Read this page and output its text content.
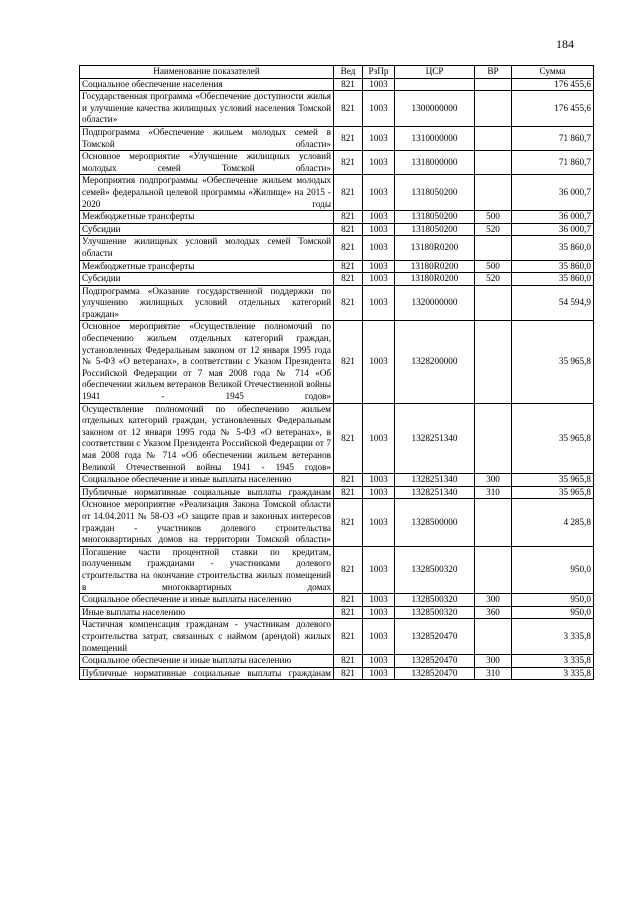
184
Наименование показателей	Вед	РзПр	ЦСР	ВР	Сумма
Социальное обеспечение населения	821	1003			176 455,6
Государственная программа «Обеспечение доступности жилья и улучшение качества жилищных условий населения Томской области»	821	1003	1300000000		176 455,6
Подпрограмма «Обеспечение жильем молодых семей в Томской области»	821	1003	1310000000		71 860,7
Основное мероприятие «Улучшение жилищных условий молодых семей Томской области»	821	1003	1318000000		71 860,7
Мероприятия подпрограммы «Обеспечение жильем молодых семей» федеральной целевой программы «Жилище» на 2015 - 2020 годы	821	1003	1318050200		36 000,7
Межбюджетные трансферты	821	1003	1318050200	500	36 000,7
Субсидии	821	1003	1318050200	520	36 000,7
Улучшение жилищных условий молодых семей Томской области	821	1003	13180R0200		35 860,0
Межбюджетные трансферты	821	1003	13180R0200	500	35 860,0
Субсидии	821	1003	13180R0200	520	35 860,0
Подпрограмма «Оказание государственной поддержки по улучшению жилищных условий отдельных категорий граждан»	821	1003	1320000000		54 594,9
Основное мероприятие «Осуществление полномочий по обеспечению жильем отдельных категорий граждан, установленных Федеральным законом от 12 января 1995 года № 5-ФЗ «О ветеранах», в соответствии с Указом Президента Российской Федерации от 7 мая 2008 года № 714 «Об обеспечении жильем ветеранов Великой Отечественной войны 1941 - 1945 годов»	821	1003	1328200000		35 965,8
Осуществление полномочий по обеспечению жильем отдельных категорий граждан, установленных Федеральным законом от 12 января 1995 года № 5-ФЗ «О ветеранах», в соответствии с Указом Президента Российской Федерации от 7 мая 2008 года № 714 «Об обеспечении жильем ветеранов Великой Отечественной войны 1941 - 1945 годов»	821	1003	1328251340		35 965,8
Социальное обеспечение и иные выплаты населению	821	1003	1328251340	300	35 965,8
Публичные нормативные социальные выплаты гражданам	821	1003	1328251340	310	35 965,8
Основное мероприятие «Реализация Закона Томской области от 14.04.2011 № 58-ОЗ «О защите прав и законных интересов граждан - участников долевого строительства многоквартирных домов на территории Томской области»	821	1003	1328500000		4 285,8
Погашение части процентной ставки по кредитам, полученным гражданами - участниками долевого строительства на окончание строительства жилых помещений в многоквартирных домах	821	1003	1328500320		950,0
Социальное обеспечение и иные выплаты населению	821	1003	1328500320	300	950,0
Иные выплаты населению	821	1003	1328500320	360	950,0
Частичная компенсация гражданам - участникам долевого строительства затрат, связанных с наймом (арендой) жилых помещений	821	1003	1328520470		3 335,8
Социальное обеспечение и иные выплаты населению	821	1003	1328520470	300	3 335,8
Публичные нормативные социальные выплаты гражданам	821	1003	1328520470	310	3 335,8
